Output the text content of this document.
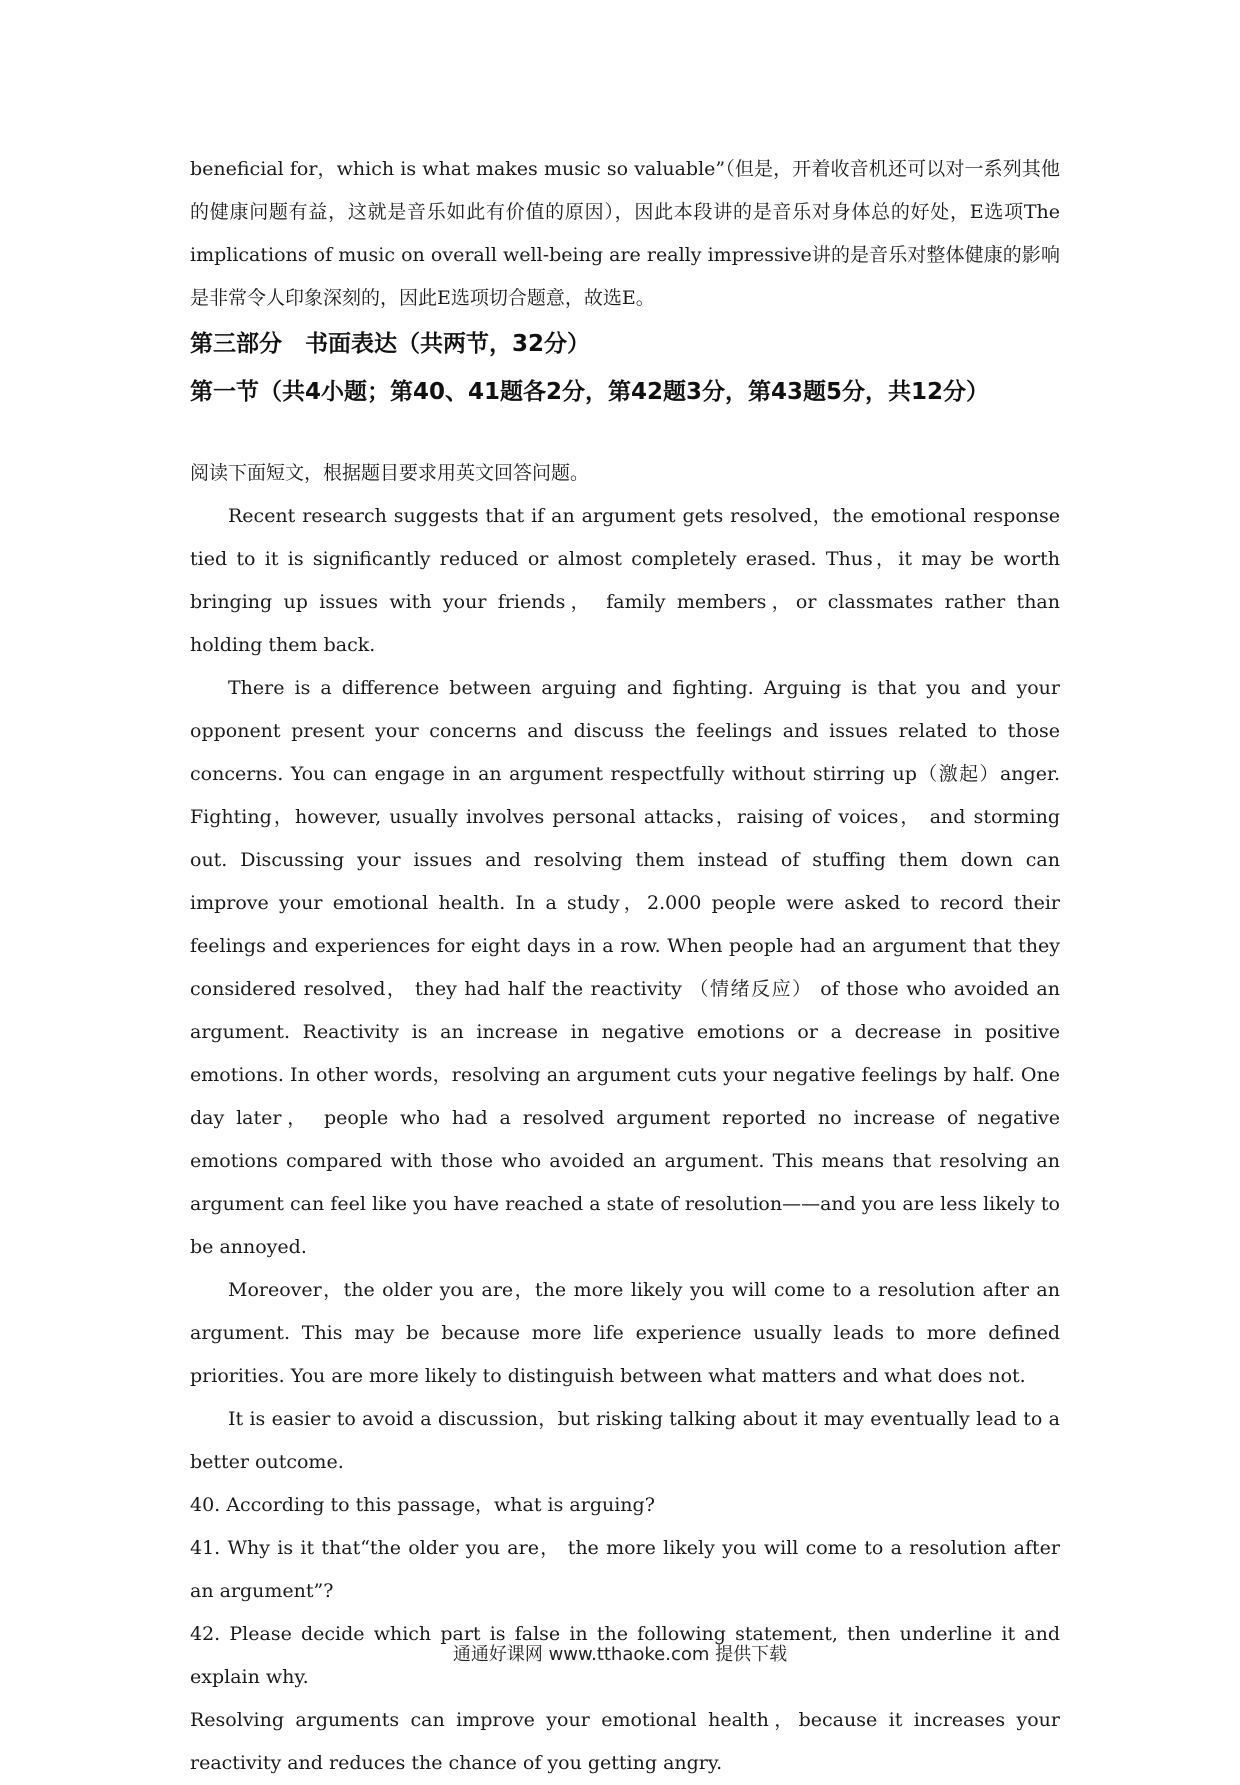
beneficial for，which is what makes music so valuable”（但是，开着收音机还可以对一系列其他的健康问题有益，这就是音乐如此有价值的原因），因此本段讲的是音乐对身体总的好处，E选项The implications of music on overall well-being are really impressive讲的是音乐对整体健康的影响是非常令人印象深刻的，因此E选项切合题意，故选E。

第三部分　书面表达（共两节，32分）
第一节（共4小题；第40、41题各2分，第42题3分，第43题5分，共12分）

阅读下面短文，根据题目要求用英文回答问题。

Recent research suggests that if an argument gets resolved，the emotional response tied to it is significantly reduced or almost completely erased. Thus，it may be worth bringing up issues with your friends， family members，or classmates rather than holding them back.

There is a difference between arguing and fighting. Arguing is that you and your opponent present your concerns and discuss the feelings and issues related to those concerns. You can engage in an argument respectfully without stirring up（激起）anger. Fighting，however, usually involves personal attacks，raising of voices， and storming out. Discussing your issues and resolving them instead of stuffing them down can improve your emotional health. In a study，2.000 people were asked to record their feelings and experiences for eight days in a row. When people had an argument that they considered resolved， they had half the reactivity （情绪反应） of those who avoided an argument. Reactivity is an increase in negative emotions or a decrease in positive emotions. In other words，resolving an argument cuts your negative feelings by half. One day later， people who had a resolved argument reported no increase of negative emotions compared with those who avoided an argument. This means that resolving an argument can feel like you have reached a state of resolution——and you are less likely to be annoyed.

Moreover，the older you are，the more likely you will come to a resolution after an argument. This may be because more life experience usually leads to more defined priorities. You are more likely to distinguish between what matters and what does not.

It is easier to avoid a discussion，but risking talking about it may eventually lead to a better outcome.

40. According to this passage，what is arguing?

41. Why is it that“the older you are， the more likely you will come to a resolution after an argument”?

42. Please decide which part is false in the following statement, then underline it and explain why.

Resolving arguments can improve your emotional health，because it increases your reactivity and reduces the chance of you getting angry.

通通好课网 www.tthaoke.com 提供下载
